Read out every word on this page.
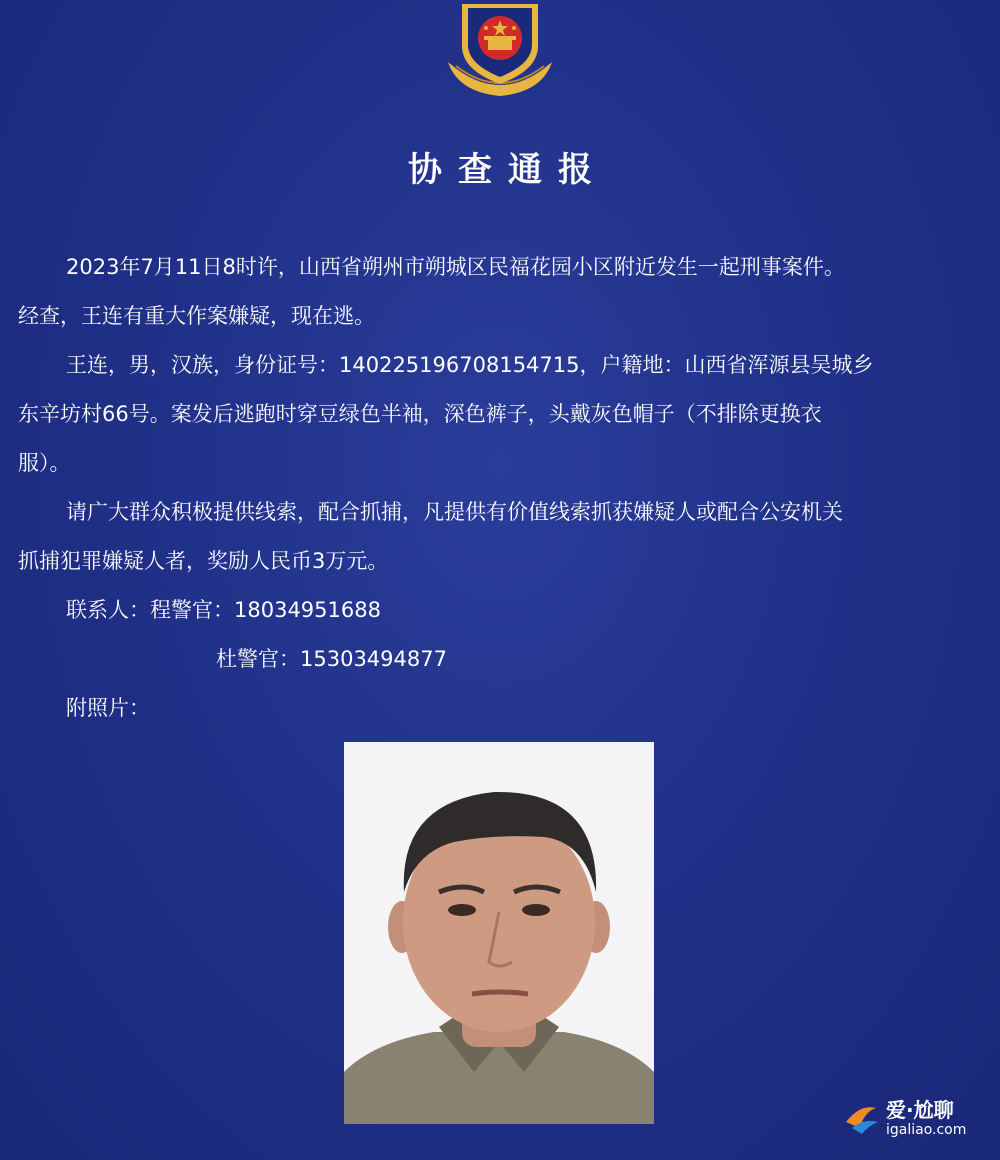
协查通报

2023年7月11日8时许，山西省朔州市朔城区民福花园小区附近发生一起刑事案件。

经查，王连有重大作案嫌疑，现在逃。

王连，男，汉族，身份证号：140225196708154715，户籍地：山西省浑源县吴城乡

东辛坊村66号。案发后逃跑时穿豆绿色半袖，深色裤子，头戴灰色帽子（不排除更换衣

服）。

请广大群众积极提供线索，配合抓捕，凡提供有价值线索抓获嫌疑人或配合公安机关

抓捕犯罪嫌疑人者，奖励人民币3万元。

联系人：程警官：18034951688

杜警官：15303494877

附照片：

爱·尬聊
igaliao.com
